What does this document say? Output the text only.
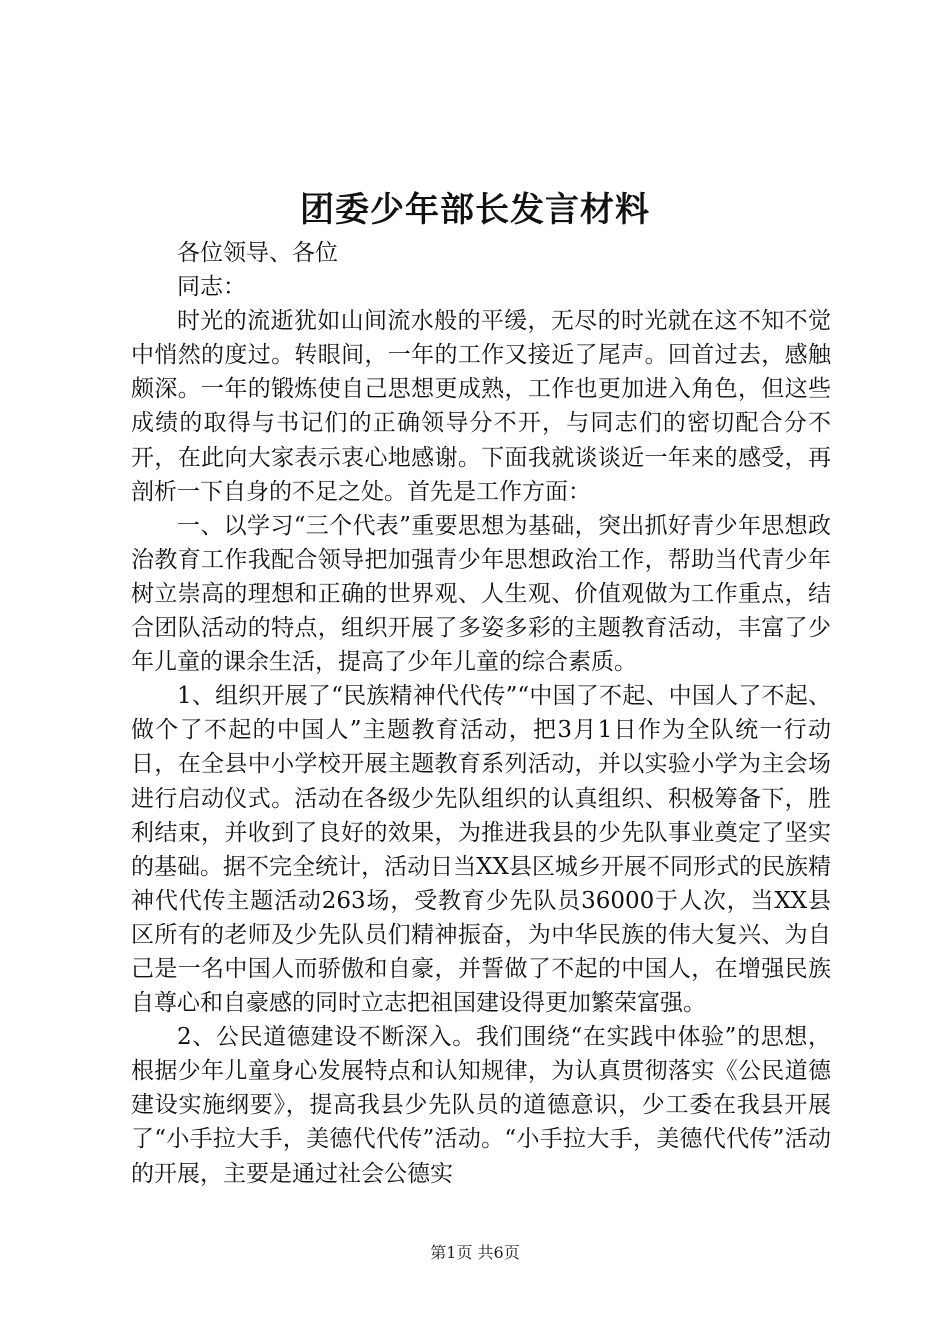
团委少年部长发言材料

各位领导、各位

同志：

时光的流逝犹如山间流水般的平缓，无尽的时光就在这不知不觉中悄然的度过。转眼间，一年的工作又接近了尾声。回首过去，感触颇深。一年的锻炼使自己思想更成熟，工作也更加进入角色，但这些成绩的取得与书记们的正确领导分不开，与同志们的密切配合分不开，在此向大家表示衷心地感谢。下面我就谈谈近一年来的感受，再剖析一下自身的不足之处。首先是工作方面：

一、以学习“三个代表”重要思想为基础，突出抓好青少年思想政治教育工作我配合领导把加强青少年思想政治工作，帮助当代青少年树立崇高的理想和正确的世界观、人生观、价值观做为工作重点，结合团队活动的特点，组织开展了多姿多彩的主题教育活动，丰富了少年儿童的课余生活，提高了少年儿童的综合素质。

1、组织开展了“民族精神代代传”“中国了不起、中国人了不起、做个了不起的中国人”主题教育活动，把3月1日作为全队统一行动日，在全县中小学校开展主题教育系列活动，并以实验小学为主会场进行启动仪式。活动在各级少先队组织的认真组织、积极筹备下，胜利结束，并收到了良好的效果，为推进我县的少先队事业奠定了坚实的基础。据不完全统计，活动日当XX县区城乡开展不同形式的民族精神代代传主题活动263场，受教育少先队员36000于人次，当XX县区所有的老师及少先队员们精神振奋，为中华民族的伟大复兴、为自己是一名中国人而骄傲和自豪，并誓做了不起的中国人，在增强民族自尊心和自豪感的同时立志把祖国建设得更加繁荣富强。

2、公民道德建设不断深入。我们围绕“在实践中体验”的思想，根据少年儿童身心发展特点和认知规律，为认真贯彻落实《公民道德建设实施纲要》，提高我县少先队员的道德意识，少工委在我县开展了“小手拉大手，美德代代传”活动。“小手拉大手，美德代代传”活动的开展，主要是通过社会公德实

第1页 共6页
